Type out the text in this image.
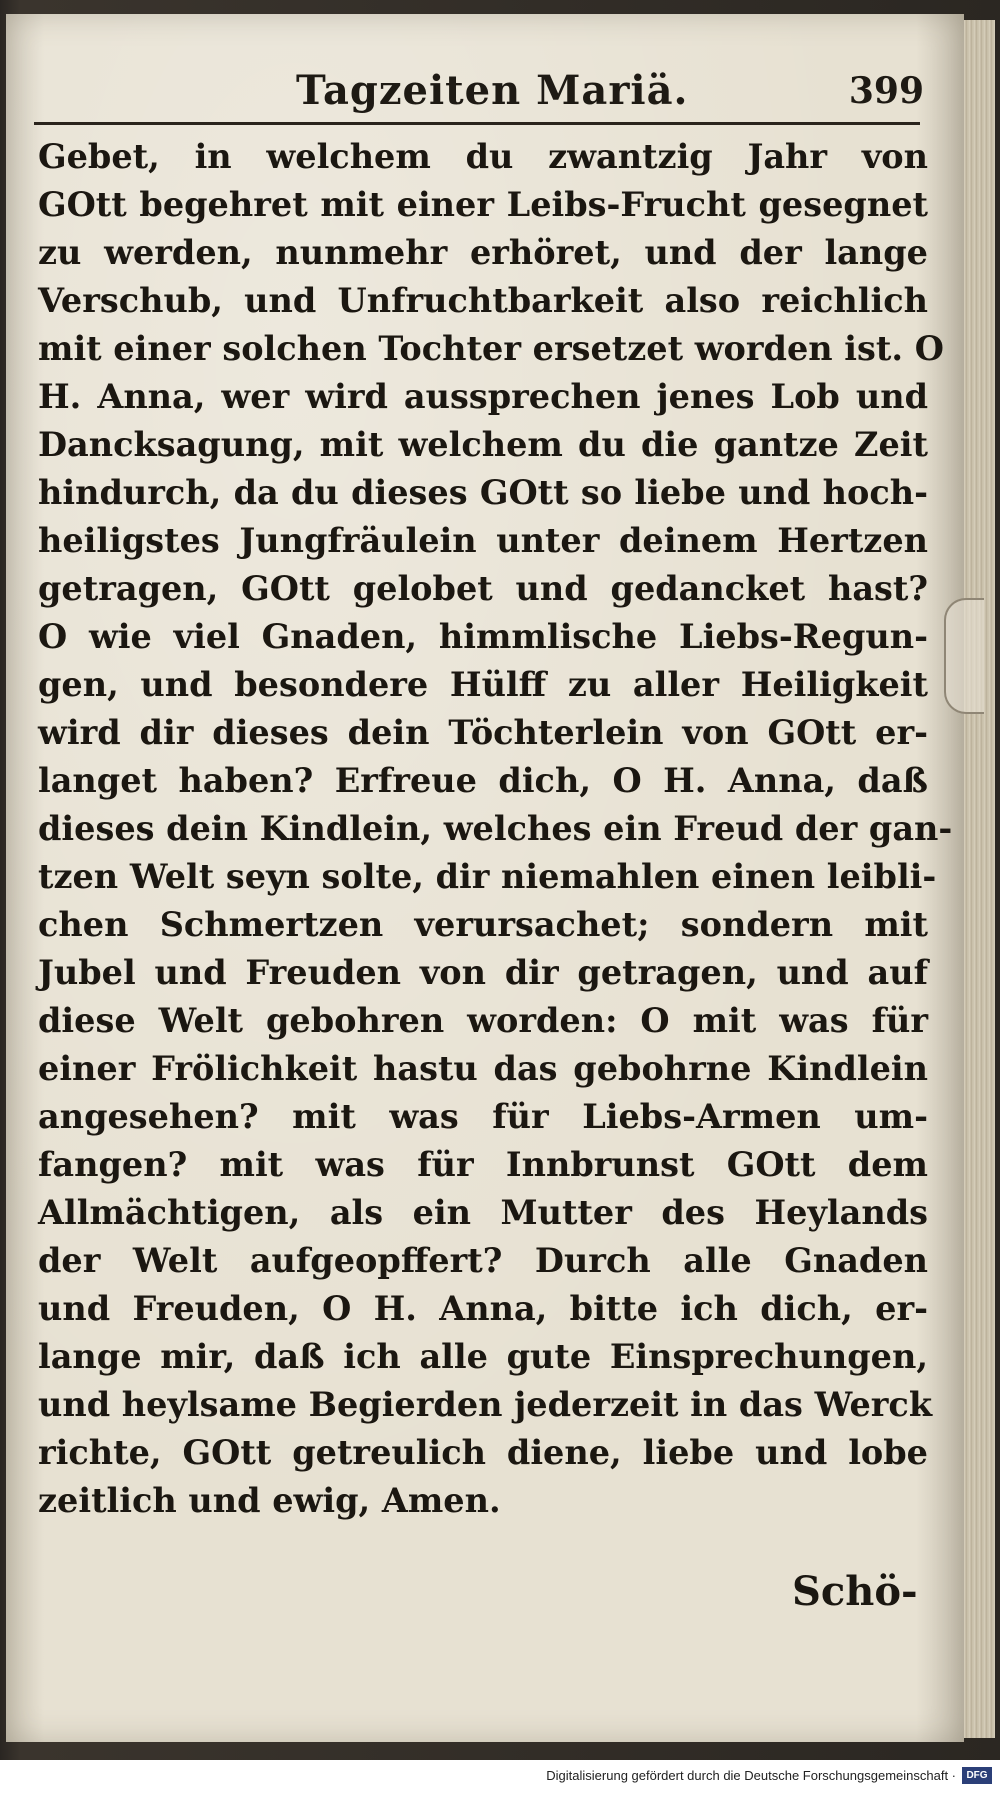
Tagzeiten Mariä.	399
Gebet, in welchem du zwantzig Jahr von
GOtt begehret mit einer Leibs-Frucht gesegnet
zu werden, nunmehr erhöret, und der lange
Verschub, und Unfruchtbarkeit also reichlich
mit einer solchen Tochter ersetzet worden ist. O
H. Anna, wer wird aussprechen jenes Lob und
Dancksagung, mit welchem du die gantze Zeit
hindurch, da du dieses GOtt so liebe und hoch-
heiligstes Jungfräulein unter deinem Hertzen
getragen, GOtt gelobet und gedancket hast?
O wie viel Gnaden, himmlische Liebs-Regun-
gen, und besondere Hülff zu aller Heiligkeit
wird dir dieses dein Töchterlein von GOtt er-
langet haben? Erfreue dich, O H. Anna, daß
dieses dein Kindlein, welches ein Freud der gan-
tzen Welt seyn solte, dir niemahlen einen leibli-
chen Schmertzen verursachet; sondern mit
Jubel und Freuden von dir getragen, und auf
diese Welt gebohren worden: O mit was für
einer Frölichkeit hastu das gebohrne Kindlein
angesehen? mit was für Liebs-Armen um-
fangen? mit was für Innbrunst GOtt dem
Allmächtigen, als ein Mutter des Heylands
der Welt aufgeopffert? Durch alle Gnaden
und Freuden, O H. Anna, bitte ich dich, er-
lange mir, daß ich alle gute Einsprechungen,
und heylsame Begierden jederzeit in das Werck
richte, GOtt getreulich diene, liebe und lobe
zeitlich und ewig, Amen.
Schö-
Digitalisierung gefördert durch die Deutsche Forschungsgemeinschaft ·	DFG
